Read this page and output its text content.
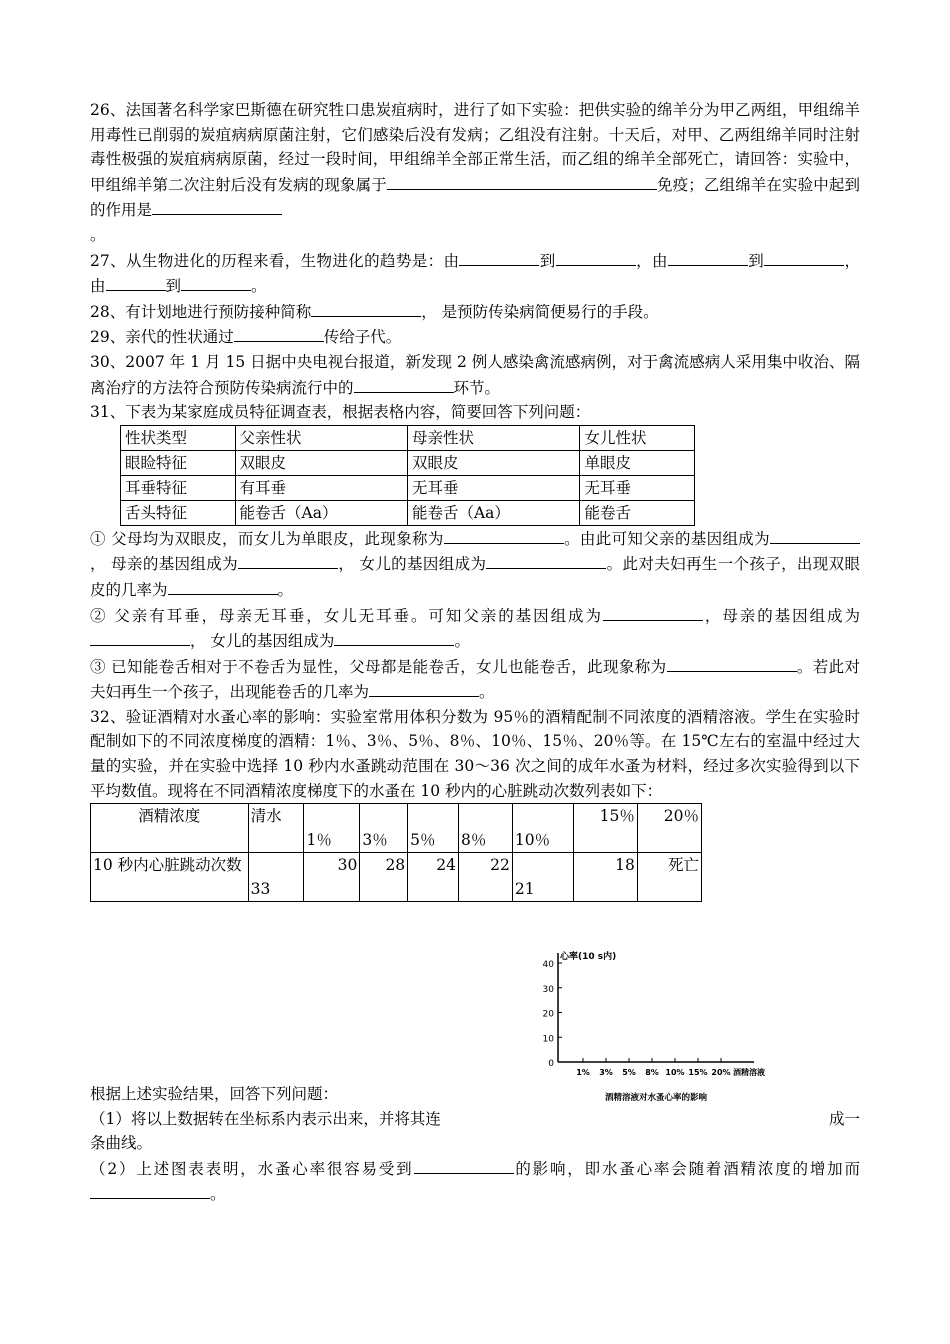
26、法国著名科学家巴斯德在研究牲口患炭疽病时，进行了如下实验：把供实验的绵羊分为甲乙两组，甲组绵羊用毒性已削弱的炭疽病病原菌注射，它们感染后没有发病；乙组没有注射。十天后，对甲、乙两组绵羊同时注射毒性极强的炭疽病病原菌，经过一段时间，甲组绵羊全部正常生活，而乙组的绵羊全部死亡，请回答：实验中，甲组绵羊第二次注射后没有发病的现象属于	免疫；乙组绵羊在实验中起到的作用是
。

27、从生物进化的历程来看，生物进化的趋势是：由	到	，由	到	，由	到	。

28、有计划地进行预防接种简称	， 是预防传染病简便易行的手段。

29、亲代的性状通过	传给子代。

30、2007 年 1 月 15 日据中央电视台报道，新发现 2 例人感染禽流感病例，对于禽流感病人采用集中收治、隔离治疗的方法符合预防传染病流行中的	环节。

31、下表为某家庭成员特征调查表，根据表格内容，简要回答下列问题：

性状类型	父亲性状	母亲性状	女儿性状
眼睑特征	双眼皮	双眼皮	单眼皮
耳垂特征	有耳垂	无耳垂	无耳垂
舌头特征	能卷舌（Aa）	能卷舌（Aa）	能卷舌

① 父母均为双眼皮，而女儿为单眼皮，此现象称为	。由此可知父亲的基因组成为， 母亲的基因组成为	， 女儿的基因组成为	。此对夫妇再生一个孩子，出现双眼皮的几率为	。

② 父亲有耳垂，母亲无耳垂，女儿无耳垂。可知父亲的基因组成为	，母亲的基因组成为， 女儿的基因组成为	。

③ 已知能卷舌相对于不卷舌为显性，父母都是能卷舌，女儿也能卷舌，此现象称为	。若此对夫妇再生一个孩子，出现能卷舌的几率为	。

32、验证酒精对水蚤心率的影响：实验室常用体积分数为 95％的酒精配制不同浓度的酒精溶液。学生在实验时配制如下的不同浓度梯度的酒精：1％、3％、5％、8％、10％、15％、20％等。在 15℃左右的室温中经过大量的实验，并在实验中选择 10 秒内水蚤跳动范围在 30～36 次之间的成年水蚤为材料，经过多次实验得到以下平均数值。现将在不同酒精浓度梯度下的水蚤在 10 秒内的心脏跳动次数列表如下：

酒精浓度	清水	1％	3％	5％	8％	10％	15％	20％
10 秒内心脏跳动次数	33	30	28	24	22	21	18	死亡
0
10
20
30
40
心率(10 s内)
1% 3% 5% 8% 10% 15% 20% 酒精溶液
酒精溶液对水蚤心率的影响

根据上述实验结果，回答下列问题：

（1）将以上数据转在坐标系内表示出来，并将其连	成一

条曲线。

（2）上述图表表明，水蚤心率很容易受到	的影响，即水蚤心率会随着酒精浓度的增加而。
